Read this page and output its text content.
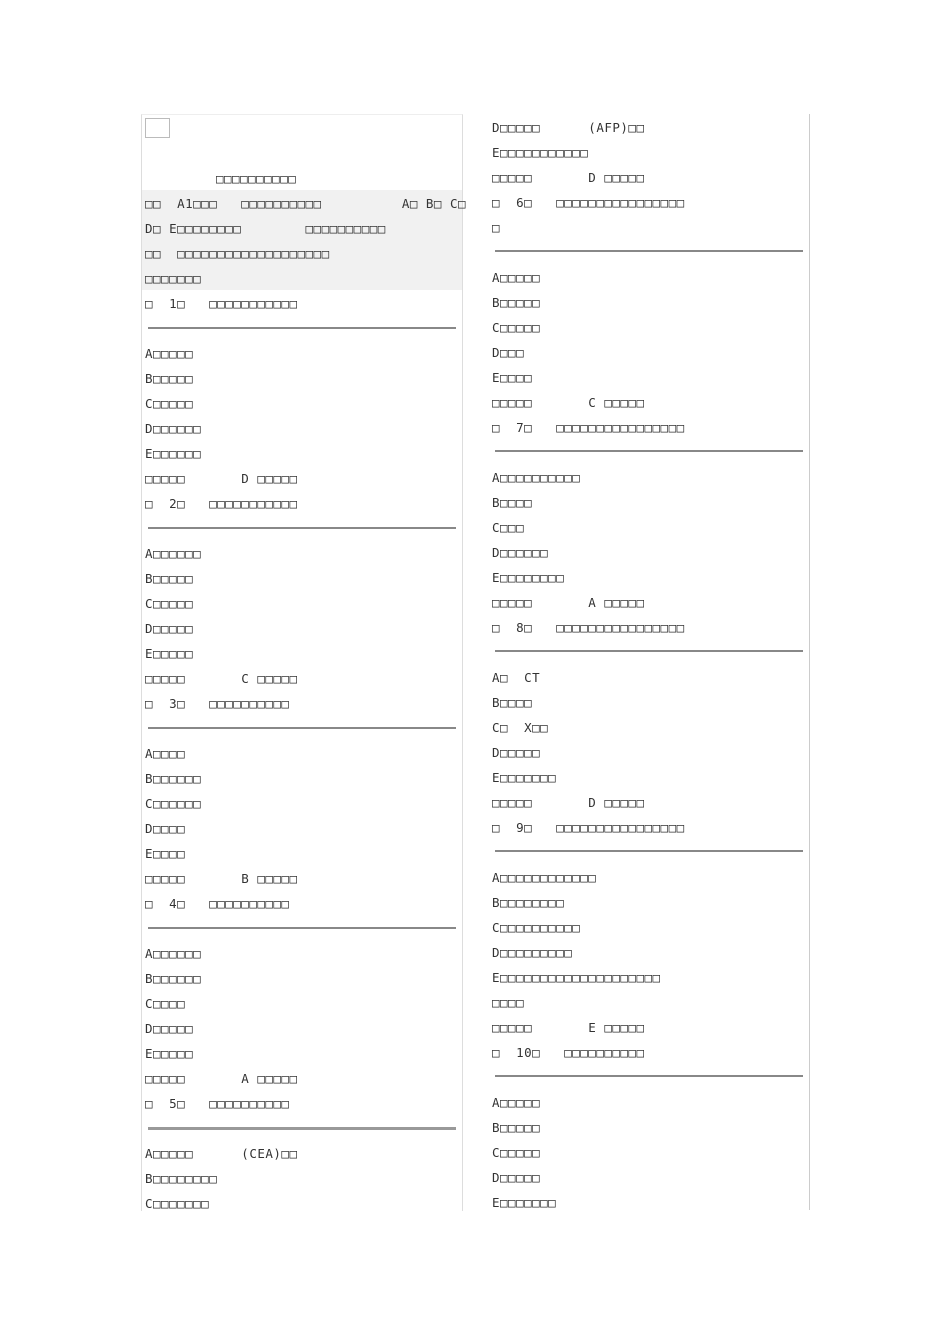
□□□□□□□□□□
□□  A1□□□   □□□□□□□□□□          A□ B□ C□
D□ E□□□□□□□□        □□□□□□□□□□
□□  □□□□□□□□□□□□□□□□□□□
□□□□□□□
□  1□   □□□□□□□□□□□
A□□□□□
B□□□□□
C□□□□□
D□□□□□□
E□□□□□□
□□□□□       D □□□□□
□  2□   □□□□□□□□□□□
A□□□□□□
B□□□□□
C□□□□□
D□□□□□
E□□□□□
□□□□□       C □□□□□
□  3□   □□□□□□□□□□
A□□□□
B□□□□□□
C□□□□□□
D□□□□
E□□□□
□□□□□       B □□□□□
□  4□   □□□□□□□□□□
A□□□□□□
B□□□□□□
C□□□□
D□□□□□
E□□□□□
□□□□□       A □□□□□
□  5□   □□□□□□□□□□
A□□□□□      (CEA)□□
B□□□□□□□□
C□□□□□□□
D□□□□□      (AFP)□□
E□□□□□□□□□□□
□□□□□       D □□□□□
□  6□   □□□□□□□□□□□□□□□□
□
A□□□□□
B□□□□□
C□□□□□
D□□□
E□□□□
□□□□□       C □□□□□
□  7□   □□□□□□□□□□□□□□□□
A□□□□□□□□□□
B□□□□
C□□□
D□□□□□□
E□□□□□□□□
□□□□□       A □□□□□
□  8□   □□□□□□□□□□□□□□□□
A□  CT
B□□□□
C□  X□□
D□□□□□
E□□□□□□□
□□□□□       D □□□□□
□  9□   □□□□□□□□□□□□□□□□
A□□□□□□□□□□□□
B□□□□□□□□
C□□□□□□□□□□
D□□□□□□□□□
E□□□□□□□□□□□□□□□□□□□□
□□□□
□□□□□       E □□□□□
□  10□   □□□□□□□□□□
A□□□□□
B□□□□□
C□□□□□
D□□□□□
E□□□□□□□
